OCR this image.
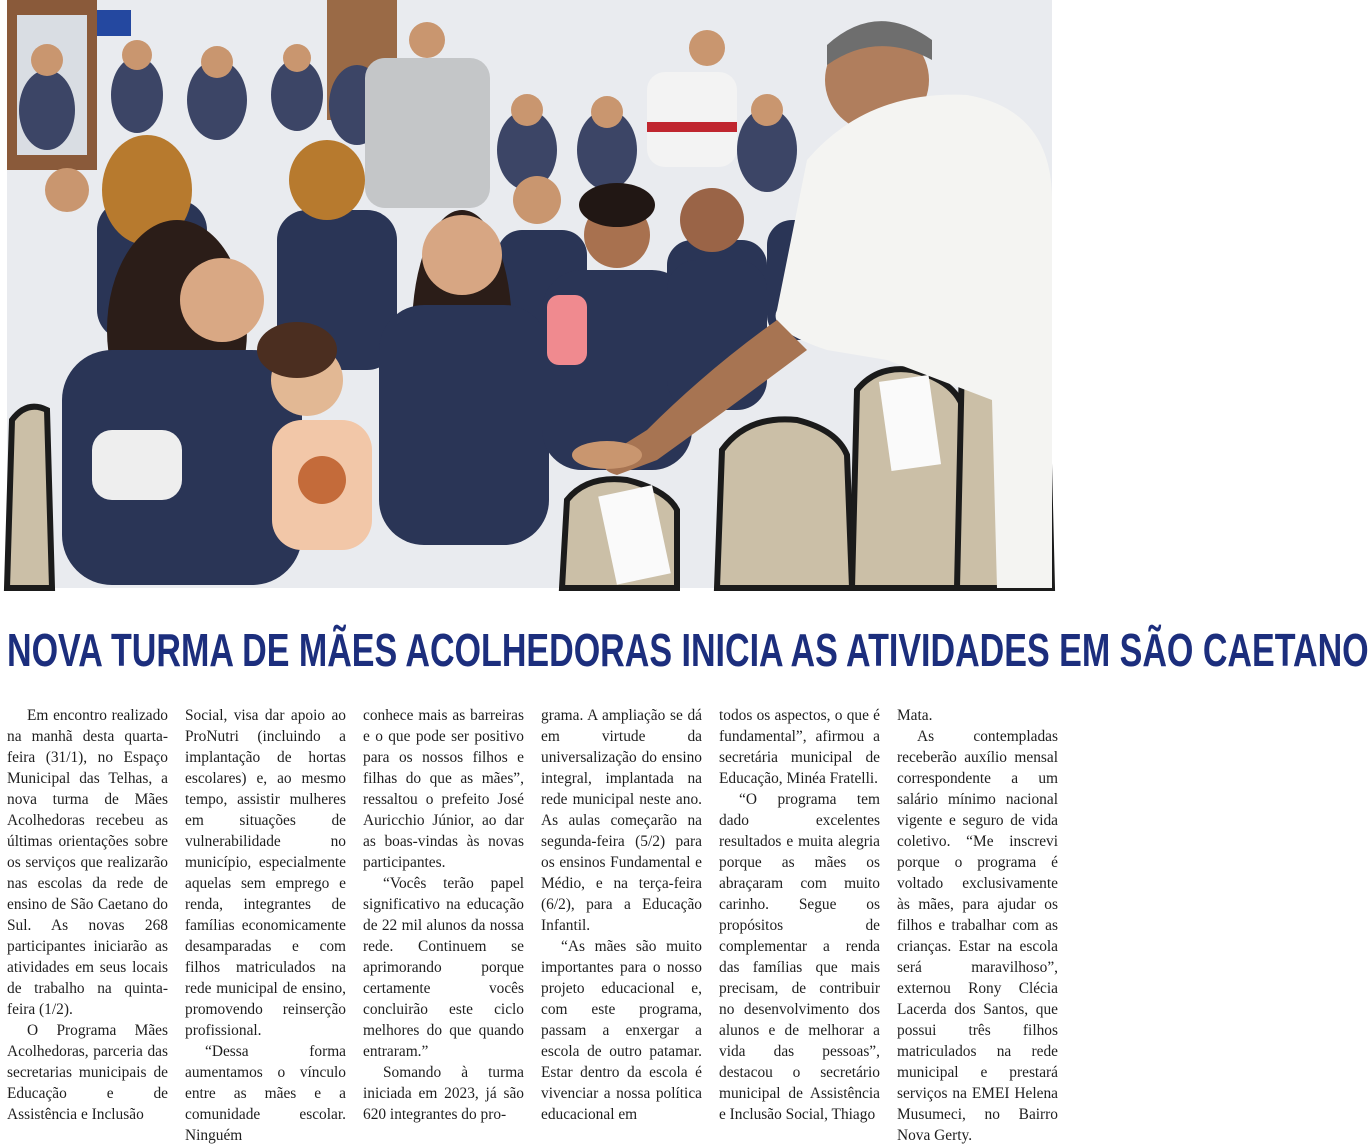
NOVA TURMA DE MÃES ACOLHEDORAS INICIA AS ATIVIDADES EM SÃO CAETANO

Em encontro realizado na manhã desta quarta-feira (31/1), no Espaço Municipal das Telhas, a nova turma de Mães Acolhedoras recebeu as últimas orientações sobre os serviços que realizarão nas escolas da rede de ensino de São Caetano do Sul. As novas 268 participantes iniciarão as atividades em seus locais de trabalho na quinta-feira (1/2).

O Programa Mães Acolhedoras, parceria das secretarias municipais de Educação e de Assistência e Inclusão

Social, visa dar apoio ao ProNutri (incluindo a implantação de hortas escolares) e, ao mesmo tempo, assistir mulheres em situações de vulnerabilidade no município, especialmente aquelas sem emprego e renda, integrantes de famílias economicamente desamparadas e com filhos matriculados na rede municipal de ensino, promovendo reinserção profissional.

“Dessa forma aumentamos o vínculo entre as mães e a comunidade escolar. Ninguém

conhece mais as barreiras e o que pode ser positivo para os nossos filhos e filhas do que as mães”, ressaltou o prefeito José Auricchio Júnior, ao dar as boas-vindas às novas participantes.

“Vocês terão papel significativo na educação de 22 mil alunos da nossa rede. Continuem se aprimorando porque certamente vocês concluirão este ciclo melhores do que quando entraram.”

Somando à turma iniciada em 2023, já são 620 integrantes do pro-

grama. A ampliação se dá em virtude da universalização do ensino integral, implantada na rede municipal neste ano. As aulas começarão na segunda-feira (5/2) para os ensinos Fundamental e Médio, e na terça-feira (6/2), para a Educação Infantil.

“As mães são muito importantes para o nosso projeto educacional e, com este programa, passam a enxergar a escola de outro patamar. Estar dentro da escola é vivenciar a nossa política educacional em

todos os aspectos, o que é fundamental”, afirmou a secretária municipal de Educação, Minéa Fratelli.

“O programa tem dado excelentes resultados e muita alegria porque as mães os abraçaram com muito carinho. Segue os propósitos de complementar a renda das famílias que mais precisam, de contribuir no desenvolvimento dos alunos e de melhorar a vida das pessoas”, destacou o secretário municipal de Assistência e Inclusão Social, Thiago

Mata.

As contempladas receberão auxílio mensal correspondente a um salário mínimo nacional vigente e seguro de vida coletivo. “Me inscrevi porque o programa é voltado exclusivamente às mães, para ajudar os filhos e trabalhar com as crianças. Estar na escola será maravilhoso”, externou Rony Clécia Lacerda dos Santos, que possui três filhos matriculados na rede municipal e prestará serviços na EMEI Helena Musumeci, no Bairro Nova Gerty.
